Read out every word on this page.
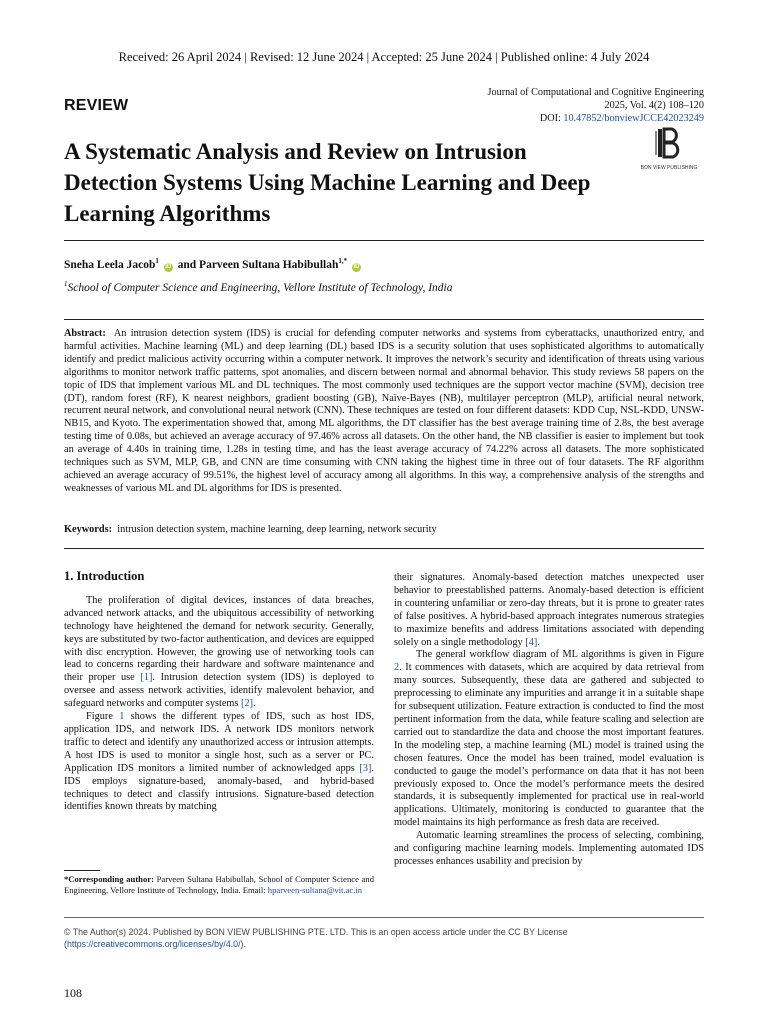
Received: 26 April 2024 | Revised: 12 June 2024 | Accepted: 25 June 2024 | Published online: 4 July 2024
REVIEW
Journal of Computational and Cognitive Engineering
2025, Vol. 4(2) 108–120
DOI: 10.47852/bonviewJCCE42023249
BON VIEW PUBLISHING
A Systematic Analysis and Review on Intrusion Detection Systems Using Machine Learning and Deep Learning Algorithms
Sneha Leela Jacob$^1$ iD and Parveen Sultana Habibullah$^{1,*}$ iD
$^1$School of Computer Science and Engineering, Vellore Institute of Technology, India
Abstract: An intrusion detection system (IDS) is crucial for defending computer networks and systems from cyberattacks, unauthorized entry, and harmful activities. Machine learning (ML) and deep learning (DL) based IDS is a security solution that uses sophisticated algorithms to automatically identify and predict malicious activity occurring within a computer network. It improves the network’s security and identification of threats using various algorithms to monitor network traffic patterns, spot anomalies, and discern between normal and abnormal behavior. This study reviews 58 papers on the topic of IDS that implement various ML and DL techniques. The most commonly used techniques are the support vector machine (SVM), decision tree (DT), random forest (RF), K nearest neighbors, gradient boosting (GB), Naïve-Bayes (NB), multilayer perceptron (MLP), artificial neural network, recurrent neural network, and convolutional neural network (CNN). These techniques are tested on four different datasets: KDD Cup, NSL-KDD, UNSW-NB15, and Kyoto. The experimentation showed that, among ML algorithms, the DT classifier has the best average training time of 2.8s, the best average testing time of 0.08s, but achieved an average accuracy of 97.46% across all datasets. On the other hand, the NB classifier is easier to implement but took an average of 4.40s in training time, 1.28s in testing time, and has the least average accuracy of 74.22% across all datasets. The more sophisticated techniques such as SVM, MLP, GB, and CNN are time consuming with CNN taking the highest time in three out of four datasets. The RF algorithm achieved an average accuracy of 99.51%, the highest level of accuracy among all algorithms. In this way, a comprehensive analysis of the strengths and weaknesses of various ML and DL algorithms for IDS is presented.
Keywords: intrusion detection system, machine learning, deep learning, network security
1. Introduction

The proliferation of digital devices, instances of data breaches, advanced network attacks, and the ubiquitous accessibility of networking technology have heightened the demand for network security. Generally, keys are substituted by two-factor authentication, and devices are equipped with disc encryption. However, the growing use of networking tools can lead to concerns regarding their hardware and software maintenance and their proper use [1]. Intrusion detection system (IDS) is deployed to oversee and assess network activities, identify malevolent behavior, and safeguard networks and computer systems [2].

Figure 1 shows the different types of IDS, such as host IDS, application IDS, and network IDS. A network IDS monitors network traffic to detect and identify any unauthorized access or intrusion attempts. A host IDS is used to monitor a single host, such as a server or PC. Application IDS monitors a limited number of acknowledged apps [3]. IDS employs signature-based, anomaly-based, and hybrid-based techniques to detect and classify intrusions. Signature-based detection identifies known threats by matching

their signatures. Anomaly-based detection matches unexpected user behavior to preestablished patterns. Anomaly-based detection is efficient in countering unfamiliar or zero-day threats, but it is prone to greater rates of false positives. A hybrid-based approach integrates numerous strategies to maximize benefits and address limitations associated with depending solely on a single methodology [4].

The general workflow diagram of ML algorithms is given in Figure 2. It commences with datasets, which are acquired by data retrieval from many sources. Subsequently, these data are gathered and subjected to preprocessing to eliminate any impurities and arrange it in a suitable shape for subsequent utilization. Feature extraction is conducted to find the most pertinent information from the data, while feature scaling and selection are carried out to standardize the data and choose the most important features. In the modeling step, a machine learning (ML) model is trained using the chosen features. Once the model has been trained, model evaluation is conducted to gauge the model’s performance on data that it has not been previously exposed to. Once the model’s performance meets the desired standards, it is subsequently implemented for practical use in real-world applications. Ultimately, monitoring is conducted to guarantee that the model maintains its high performance as fresh data are received.

Automatic learning streamlines the process of selecting, combining, and configuring machine learning models. Implementing automated IDS processes enhances usability and precision by

*Corresponding author: Parveen Sultana Habibullah, School of Computer Science and Engineering, Vellore Institute of Technology, India. Email: hparveen-sultana@vit.ac.in
© The Author(s) 2024. Published by BON VIEW PUBLISHING PTE. LTD. This is an open access article under the CC BY License (https://creativecommons.org/licenses/by/4.0/).
108
